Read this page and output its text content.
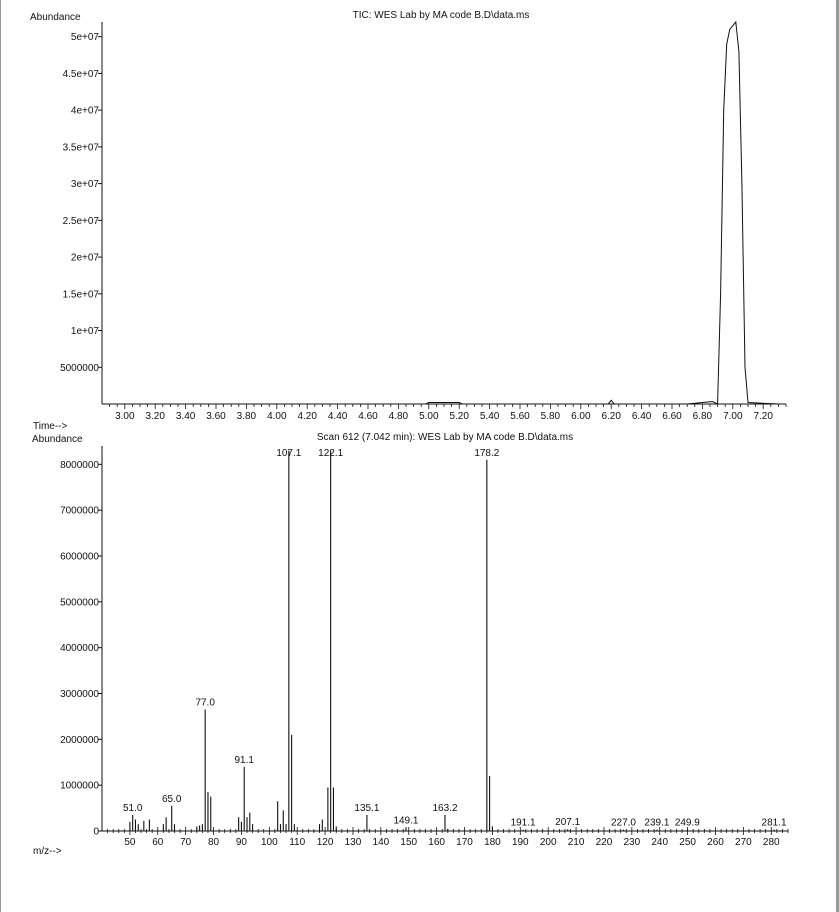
TIC: WES Lab by MA code B.D\data.ms
Abundance
Time-->
5000000
1e+07
1.5e+07
2e+07
2.5e+07
3e+07
3.5e+07
4e+07
4.5e+07
5e+07
3.00 3.20 3.40 3.60 3.80 4.00 4.20 4.40 4.60 4.80 5.00 5.20 5.40 5.60 5.80 6.00 6.20 6.40 6.60 6.80 7.00 7.20
Scan 612 (7.042 min): WES Lab by MA code B.D\data.ms
Abundance
m/z-->
0
1000000
2000000
3000000
4000000
5000000
6000000
7000000
8000000
50 60 70 80 90 100 110 120 130 140 150 160 170 180 190 200 210 220 230 240 250 260 270 280
51.0
65.0
77.0
91.1
107.1 122.1
135.1
149.1
163.2
178.2
191.1 207.1	227.0 239.1 249.9	281.1
